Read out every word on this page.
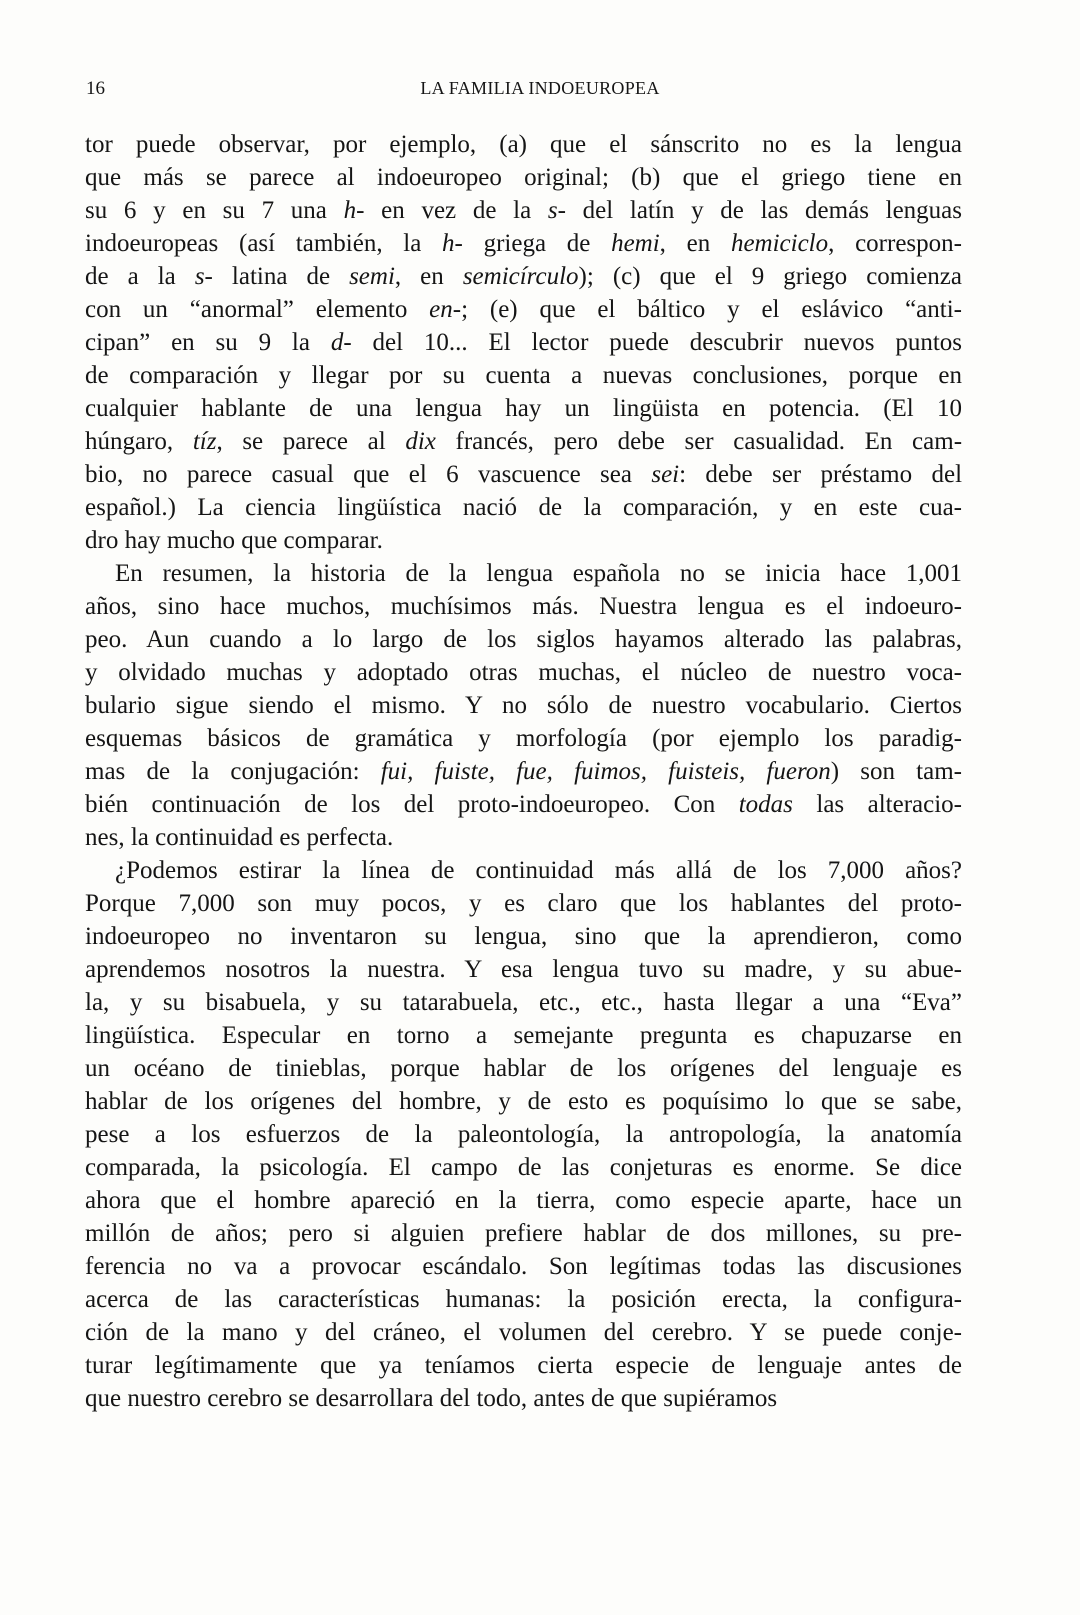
16	LA FAMILIA INDOEUROPEA
tor puede observar, por ejemplo, (a) que el sánscrito no es la lengua
que más se parece al indoeuropeo original; (b) que el griego tiene en
su 6 y en su 7 una h- en vez de la s- del latín y de las demás lenguas
indoeuropeas (así también, la h- griega de hemi, en hemiciclo, correspon-
de a la s- latina de semi, en semicírculo); (c) que el 9 griego comienza
con un “anormal” elemento en-; (e) que el báltico y el eslávico “anti-
cipan” en su 9 la d- del 10... El lector puede descubrir nuevos puntos
de comparación y llegar por su cuenta a nuevas conclusiones, porque en
cualquier hablante de una lengua hay un lingüista en potencia. (El 10
húngaro, tíz, se parece al dix francés, pero debe ser casualidad. En cam-
bio, no parece casual que el 6 vascuence sea sei: debe ser préstamo del
español.) La ciencia lingüística nació de la comparación, y en este cua-
dro hay mucho que comparar.
En resumen, la historia de la lengua española no se inicia hace 1,001
años, sino hace muchos, muchísimos más. Nuestra lengua es el indoeuro-
peo. Aun cuando a lo largo de los siglos hayamos alterado las palabras,
y olvidado muchas y adoptado otras muchas, el núcleo de nuestro voca-
bulario sigue siendo el mismo. Y no sólo de nuestro vocabulario. Ciertos
esquemas básicos de gramática y morfología (por ejemplo los paradig-
mas de la conjugación: fui, fuiste, fue, fuimos, fuisteis, fueron) son tam-
bién continuación de los del proto-indoeuropeo. Con todas las alteracio-
nes, la continuidad es perfecta.
¿Podemos estirar la línea de continuidad más allá de los 7,000 años?
Porque 7,000 son muy pocos, y es claro que los hablantes del proto-
indoeuropeo no inventaron su lengua, sino que la aprendieron, como
aprendemos nosotros la nuestra. Y esa lengua tuvo su madre, y su abue-
la, y su bisabuela, y su tatarabuela, etc., etc., hasta llegar a una “Eva”
lingüística. Especular en torno a semejante pregunta es chapuzarse en
un océano de tinieblas, porque hablar de los orígenes del lenguaje es
hablar de los orígenes del hombre, y de esto es poquísimo lo que se sabe,
pese a los esfuerzos de la paleontología, la antropología, la anatomía
comparada, la psicología. El campo de las conjeturas es enorme. Se dice
ahora que el hombre apareció en la tierra, como especie aparte, hace un
millón de años; pero si alguien prefiere hablar de dos millones, su pre-
ferencia no va a provocar escándalo. Son legítimas todas las discusiones
acerca de las características humanas: la posición erecta, la configura-
ción de la mano y del cráneo, el volumen del cerebro. Y se puede conje-
turar legítimamente que ya teníamos cierta especie de lenguaje antes de
que nuestro cerebro se desarrollara del todo, antes de que supiéramos
